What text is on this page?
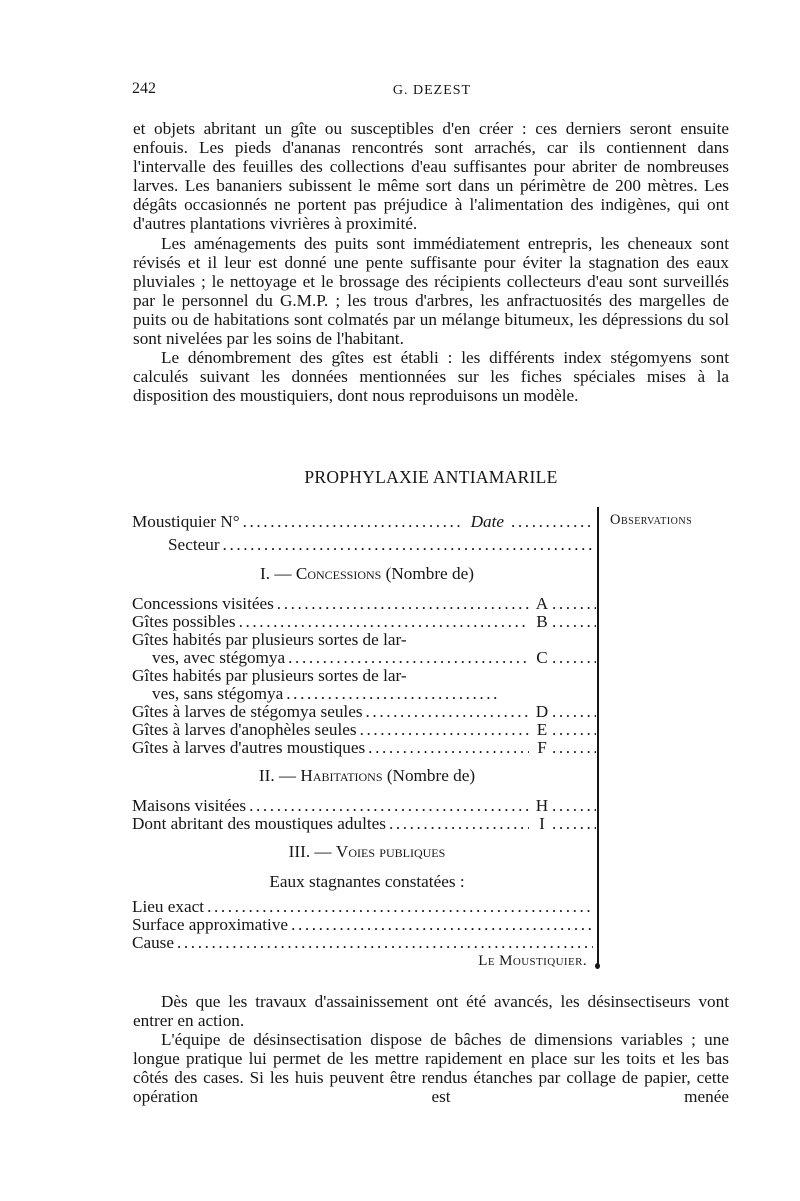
242	G. DEZEST

et objets abritant un gîte ou susceptibles d'en créer : ces derniers seront ensuite enfouis. Les pieds d'ananas rencontrés sont arrachés, car ils contiennent dans l'intervalle des feuilles des collections d'eau suffisantes pour abriter de nombreuses larves. Les bananiers subissent le même sort dans un périmètre de 200 mètres. Les dégâts occasionnés ne portent pas préjudice à l'alimentation des indigènes, qui ont d'autres plantations vivrières à proximité.

Les aménagements des puits sont immédiatement entrepris, les cheneaux sont révisés et il leur est donné une pente suffisante pour éviter la stagnation des eaux pluviales ; le nettoyage et le brossage des récipients collecteurs d'eau sont surveillés par le personnel du G.M.P. ; les trous d'arbres, les anfractuosités des margelles de puits ou de habitations sont colmatés par un mélange bitumeux, les dépressions du sol sont nivelées par les soins de l'habitant.

Le dénombrement des gîtes est établi : les différents index stégomyens sont calculés suivant les données mentionnées sur les fiches spéciales mises à la disposition des moustiquiers, dont nous reproduisons un modèle.

PROPHYLAXIE ANTIAMARILE
Observations
Moustiquier N° .....	Date
.....
Secteur
.....
I. — Concessions (Nombre de)
Concessions visitées .....	A
.....
Gîtes possibles .....	B
.....
Gîtes habités par plusieurs sortes de lar-
ves, avec stégomya .....	C
.....
Gîtes habités par plusieurs sortes de lar-
ves, sans stégomya
.....
Gîtes à larves de stégomya seules .....	D
.....
Gîtes à larves d'anophèles seules .....	E
.....
Gîtes à larves d'autres moustiques .....	F
.....
II. — Habitations (Nombre de)
Maisons visitées .....	H
.....
Dont abritant des moustiques adultes .....	I
.....
III. — Voies publiques
Eaux stagnantes constatées :
Lieu exact
.....
Surface approximative
.....
Cause
.....
Le Moustiquier.

Dès que les travaux d'assainissement ont été avancés, les désinsectiseurs vont entrer en action.

L'équipe de désinsectisation dispose de bâches de dimensions variables ; une longue pratique lui permet de les mettre rapidement en place sur les toits et les bas côtés des cases. Si les huis peuvent être rendus étanches par collage de papier, cette opération est menée
